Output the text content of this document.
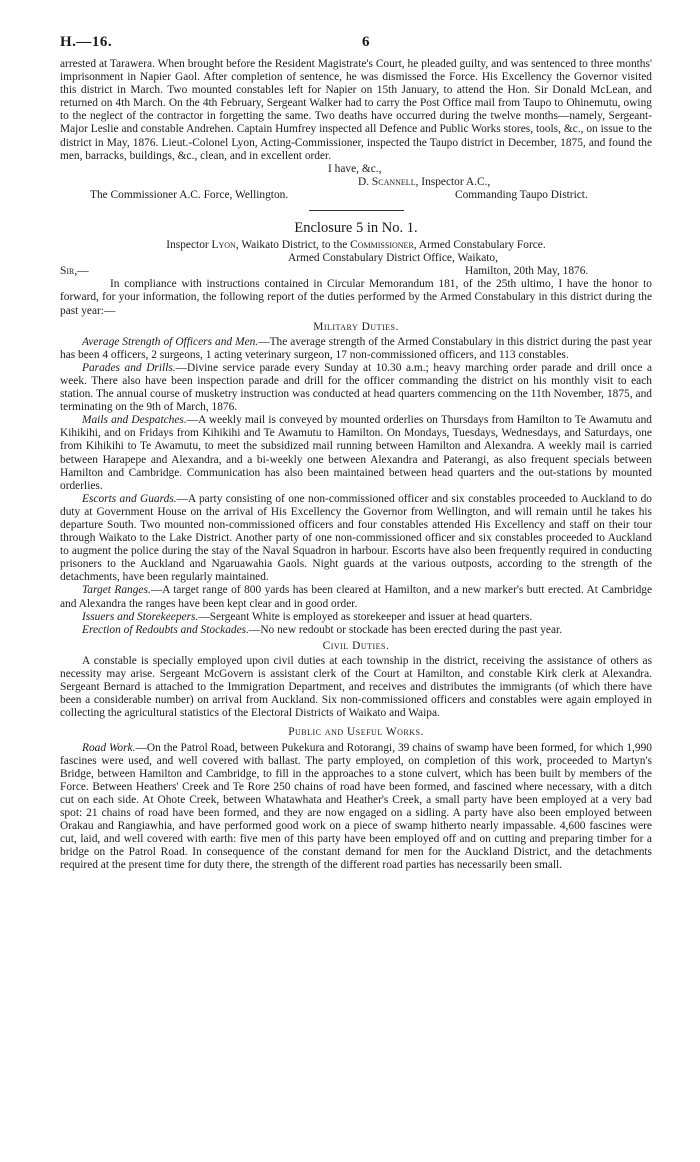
H.—16.	6

arrested at Tarawera. When brought before the Resident Magistrate's Court, he pleaded guilty, and was sentenced to three months' imprisonment in Napier Gaol. After completion of sentence, he was dismissed the Force. His Excellency the Governor visited this district in March. Two mounted constables left for Napier on 15th January, to attend the Hon. Sir Donald McLean, and returned on 4th March. On the 4th February, Sergeant Walker had to carry the Post Office mail from Taupo to Ohinemutu, owing to the neglect of the contractor in forgetting the same. Two deaths have occurred during the twelve months—namely, Sergeant-Major Leslie and constable Andrehen. Captain Humfrey inspected all Defence and Public Works stores, tools, &c., on issue to the district in May, 1876. Lieut.-Colonel Lyon, Acting-Commissioner, inspected the Taupo district in December, 1875, and found the men, barracks, buildings, &c., clean, and in excellent order.

I have, &c.,
D. Scannell, Inspector A.C.,
The Commissioner A.C. Force, Wellington.	Commanding Taupo District.
Enclosure 5 in No. 1.

Inspector Lyon, Waikato District, to the Commissioner, Armed Constabulary Force.

Armed Constabulary District Office, Waikato,
Sir,—	Hamilton, 20th May, 1876.

In compliance with instructions contained in Circular Memorandum 181, of the 25th ultimo, I have the honor to forward, for your information, the following report of the duties performed by the Armed Constabulary in this district during the past year:—

Military Duties.

Average Strength of Officers and Men.—The average strength of the Armed Constabulary in this district during the past year has been 4 officers, 2 surgeons, 1 acting veterinary surgeon, 17 non-commissioned officers, and 113 constables.

Parades and Drills.—Divine service parade every Sunday at 10.30 a.m.; heavy marching order parade and drill once a week. There also have been inspection parade and drill for the officer commanding the district on his monthly visit to each station. The annual course of musketry instruction was conducted at head quarters commencing on the 11th November, 1875, and terminating on the 9th of March, 1876.

Mails and Despatches.—A weekly mail is conveyed by mounted orderlies on Thursdays from Hamilton to Te Awamutu and Kihikihi, and on Fridays from Kihikihi and Te Awamutu to Hamilton. On Mondays, Tuesdays, Wednesdays, and Saturdays, one from Kihikihi to Te Awamutu, to meet the subsidized mail running between Hamilton and Alexandra. A weekly mail is carried between Harapepe and Alexandra, and a bi-weekly one between Alexandra and Paterangi, as also frequent specials between Hamilton and Cambridge. Communication has also been maintained between head quarters and the out-stations by mounted orderlies.

Escorts and Guards.—A party consisting of one non-commissioned officer and six constables proceeded to Auckland to do duty at Government House on the arrival of His Excellency the Governor from Wellington, and will remain until he takes his departure South. Two mounted non-commissioned officers and four constables attended His Excellency and staff on their tour through Waikato to the Lake District. Another party of one non-commissioned officer and six constables proceeded to Auckland to augment the police during the stay of the Naval Squadron in harbour. Escorts have also been frequently required in conducting prisoners to the Auckland and Ngaruawahia Gaols. Night guards at the various outposts, according to the strength of the detachments, have been regularly maintained.

Target Ranges.—A target range of 800 yards has been cleared at Hamilton, and a new marker's butt erected. At Cambridge and Alexandra the ranges have been kept clear and in good order.

Issuers and Storekeepers.—Sergeant White is employed as storekeeper and issuer at head quarters.

Erection of Redoubts and Stockades.—No new redoubt or stockade has been erected during the past year.

Civil Duties.

A constable is specially employed upon civil duties at each township in the district, receiving the assistance of others as necessity may arise. Sergeant McGovern is assistant clerk of the Court at Hamilton, and constable Kirk clerk at Alexandra. Sergeant Bernard is attached to the Immigration Department, and receives and distributes the immigrants (of which there have been a considerable number) on arrival from Auckland. Six non-commissioned officers and constables were again employed in collecting the agricultural statistics of the Electoral Districts of Waikato and Waipa.

Public and Useful Works.

Road Work.—On the Patrol Road, between Pukekura and Rotorangi, 39 chains of swamp have been formed, for which 1,990 fascines were used, and well covered with ballast. The party employed, on completion of this work, proceeded to Martyn's Bridge, between Hamilton and Cambridge, to fill in the approaches to a stone culvert, which has been built by members of the Force. Between Heathers' Creek and Te Rore 250 chains of road have been formed, and fascined where necessary, with a ditch cut on each side. At Ohote Creek, between Whatawhata and Heather's Creek, a small party have been employed at a very bad spot: 21 chains of road have been formed, and they are now engaged on a sidling. A party have also been employed between Orakau and Rangiawhia, and have performed good work on a piece of swamp hitherto nearly impassable. 4,600 fascines were cut, laid, and well covered with earth: five men of this party have been employed off and on cutting and preparing timber for a bridge on the Patrol Road. In consequence of the constant demand for men for the Auckland District, and the detachments required at the present time for duty there, the strength of the different road parties has necessarily been small.
